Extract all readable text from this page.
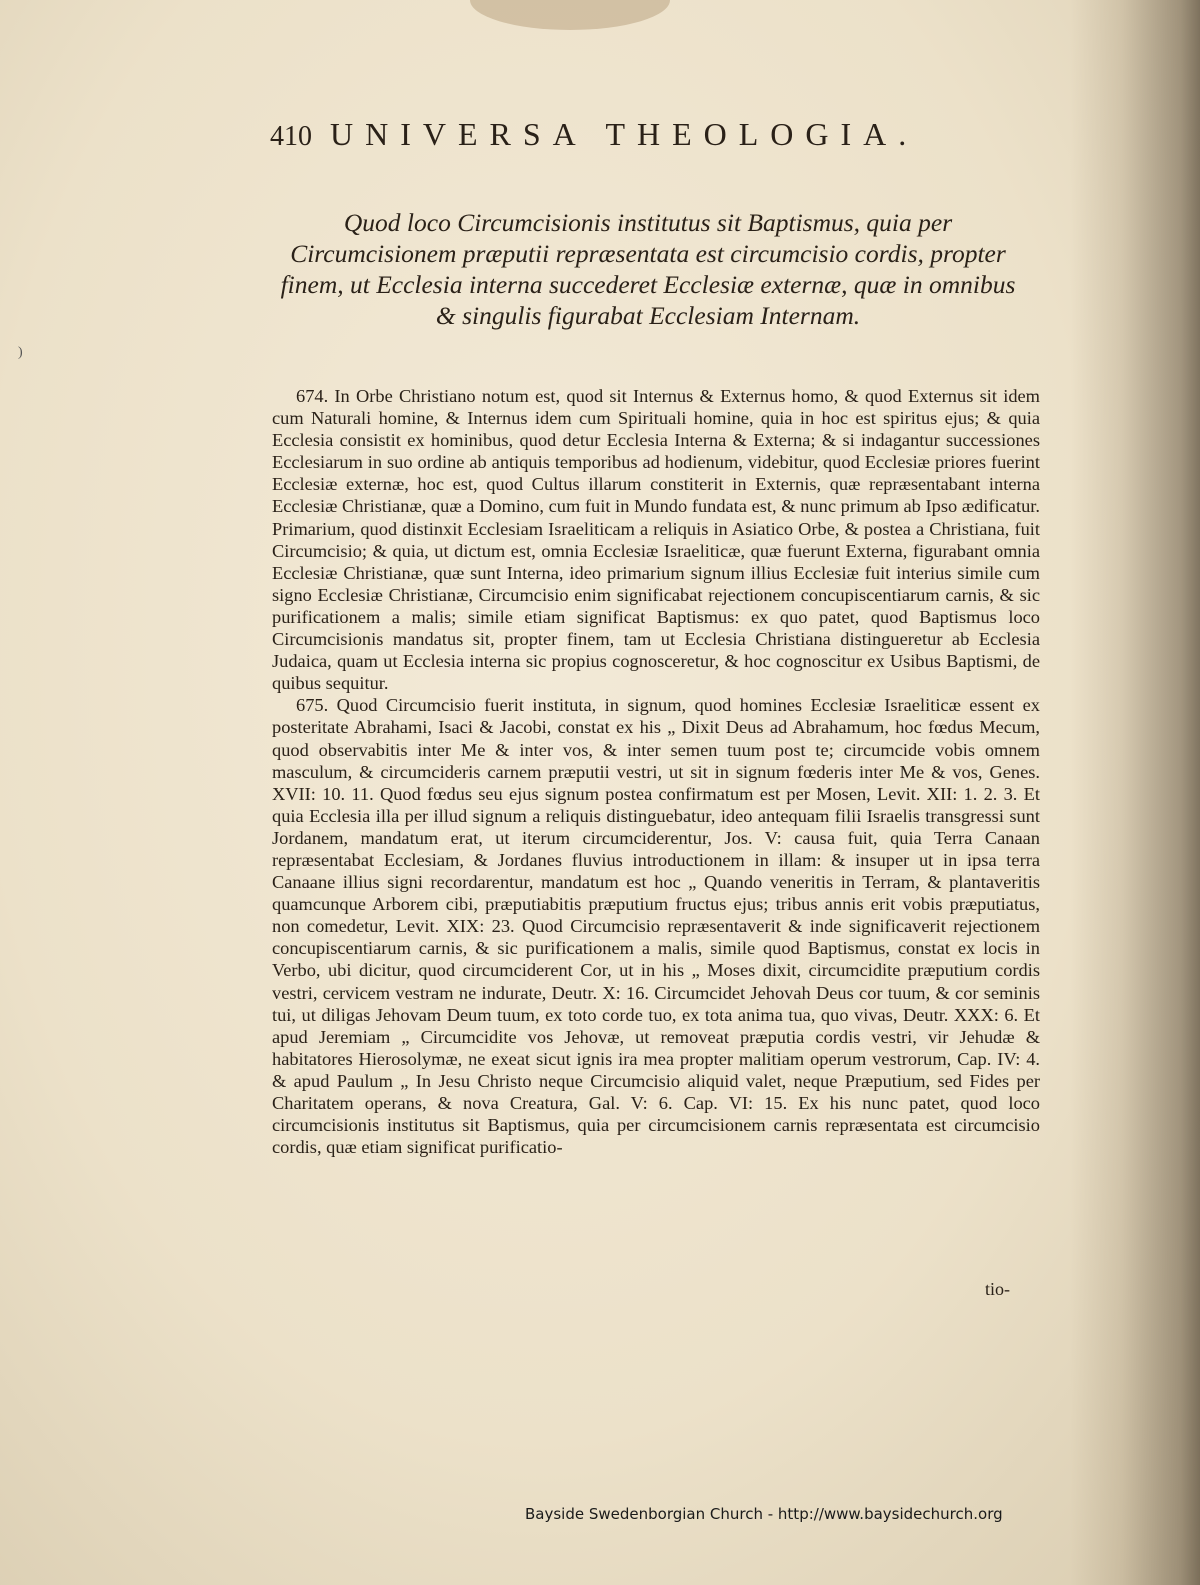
)
410 UNIVERSA THEOLOGIA.
Quod loco Circumcisionis institutus sit Baptismus, quia per Circumcisionem præputii repræsentata est circumcisio cordis, propter finem, ut Ecclesia interna succederet Ecclesiæ externæ, quæ in omnibus & singulis figurabat Ecclesiam Internam.

674. In Orbe Christiano notum est, quod sit Internus & Externus homo, & quod Externus sit idem cum Naturali homine, & Internus idem cum Spirituali homine, quia in hoc est spiritus ejus; & quia Ecclesia consistit ex hominibus, quod detur Ecclesia Interna & Externa; & si indagantur successiones Ecclesiarum in suo ordine ab antiquis temporibus ad hodienum, videbitur, quod Ecclesiæ priores fuerint Ecclesiæ externæ, hoc est, quod Cultus illarum constiterit in Externis, quæ repræsentabant interna Ecclesiæ Christianæ, quæ a Domino, cum fuit in Mundo fundata est, & nunc primum ab Ipso ædificatur. Primarium, quod distinxit Ecclesiam Israeliticam a reliquis in Asiatico Orbe, & postea a Christiana, fuit Circumcisio; & quia, ut dictum est, omnia Ecclesiæ Israeliticæ, quæ fuerunt Externa, figurabant omnia Ecclesiæ Christianæ, quæ sunt Interna, ideo primarium signum illius Ecclesiæ fuit interius simile cum signo Ecclesiæ Christianæ, Circumcisio enim significabat rejectionem concupiscentiarum carnis, & sic purificationem a malis; simile etiam significat Baptismus: ex quo patet, quod Baptismus loco Circumcisionis mandatus sit, propter finem, tam ut Ecclesia Christiana distingueretur ab Ecclesia Judaica, quam ut Ecclesia interna sic propius cognosceretur, & hoc cognoscitur ex Usibus Baptismi, de quibus sequitur.

675. Quod Circumcisio fuerit instituta, in signum, quod homines Ecclesiæ Israeliticæ essent ex posteritate Abrahami, Isaci & Jacobi, constat ex his „ Dixit Deus ad Abrahamum, hoc fœdus Mecum, quod observabitis inter Me & inter vos, & inter semen tuum post te; circumcide vobis omnem masculum, & circumcideris carnem præputii vestri, ut sit in signum fœderis inter Me & vos, Genes. XVII: 10. 11. Quod fœdus seu ejus signum postea confirmatum est per Mosen, Levit. XII: 1. 2. 3. Et quia Ecclesia illa per illud signum a reliquis distinguebatur, ideo antequam filii Israelis transgressi sunt Jordanem, mandatum erat, ut iterum circumciderentur, Jos. V: causa fuit, quia Terra Canaan repræsentabat Ecclesiam, & Jordanes fluvius introductionem in illam: & insuper ut in ipsa terra Canaane illius signi recordarentur, mandatum est hoc „ Quando veneritis in Terram, & plantaveritis quamcunque Arborem cibi, præputiabitis præputium fructus ejus; tribus annis erit vobis præputiatus, non comedetur, Levit. XIX: 23. Quod Circumcisio repræsentaverit & inde significaverit rejectionem concupiscentiarum carnis, & sic purificationem a malis, simile quod Baptismus, constat ex locis in Verbo, ubi dicitur, quod circumciderent Cor, ut in his „ Moses dixit, circumcidite præputium cordis vestri, cervicem vestram ne indurate, Deutr. X: 16. Circumcidet Jehovah Deus cor tuum, & cor seminis tui, ut diligas Jehovam Deum tuum, ex toto corde tuo, ex tota anima tua, quo vivas, Deutr. XXX: 6. Et apud Jeremiam „ Circumcidite vos Jehovæ, ut removeat præputia cordis vestri, vir Jehudæ & habitatores Hierosolymæ, ne exeat sicut ignis ira mea propter malitiam operum vestrorum, Cap. IV: 4. & apud Paulum „ In Jesu Christo neque Circumcisio aliquid valet, neque Præputium, sed Fides per Charitatem operans, & nova Creatura, Gal. V: 6. Cap. VI: 15. Ex his nunc patet, quod loco circumcisionis institutus sit Baptismus, quia per circumcisionem carnis repræsentata est circumcisio cordis, quæ etiam significat purificatio-

tio-
Bayside Swedenborgian Church - http://www.baysidechurch.org
